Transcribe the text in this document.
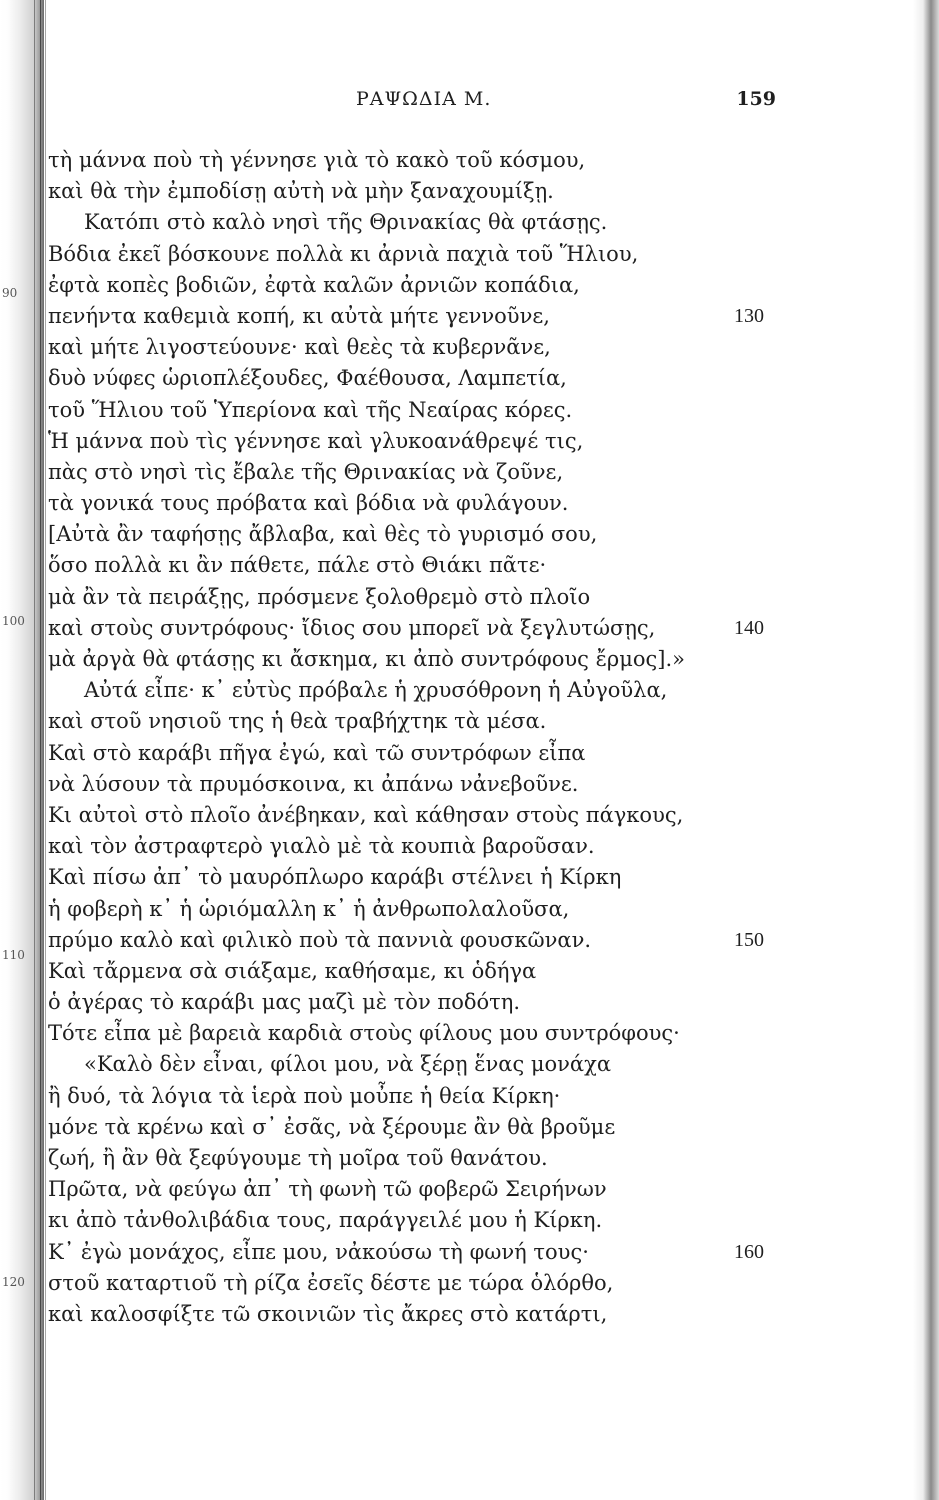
90
100
110
120
ΡΑΨΩΔΙΑ Μ.	159
τὴ μάννα ποὺ τὴ γέννησε γιὰ τὸ κακὸ τοῦ κόσμου,
καὶ θὰ τὴν ἐμποδίσῃ αὐτὴ νὰ μὴν ξαναχουμίξῃ.
Κατόπι στὸ καλὸ νησὶ τῆς Θρινακίας θὰ φτάσῃς.
Βόδια ἐκεῖ βόσκουνε πολλὰ κι ἀρνιὰ παχιὰ τοῦ Ἥλιου,
ἐφτὰ κοπὲς βοδιῶν, ἐφτὰ καλῶν ἀρνιῶν κοπάδια,
πενήντα καθεμιὰ κοπή, κι αὐτὰ μήτε γεννοῦνε,	130
καὶ μήτε λιγοστεύουνε· καὶ θεὲς τὰ κυβερνᾶνε,
δυὸ νύφες ὡριοπλέξουδες, Φαέθουσα, Λαμπετία,
τοῦ Ἥλιου τοῦ Ὑπερίονα καὶ τῆς Νεαίρας κόρες.
Ἡ μάννα ποὺ τὶς γέννησε καὶ γλυκοανάθρεψέ τις,
πὰς στὸ νησὶ τὶς ἔβαλε τῆς Θρινακίας νὰ ζοῦνε,
τὰ γονικά τους πρόβατα καὶ βόδια νὰ φυλάγουν.
[Αὐτὰ ἂν ταφήσῃς ἄβλαβα, καὶ θὲς τὸ γυρισμό σου,
ὅσο πολλὰ κι ἂν πάθετε, πάλε στὸ Θιάκι πᾶτε·
μὰ ἂν τὰ πειράξῃς, πρόσμενε ξολοθρεμὸ στὸ πλοῖο
καὶ στοὺς συντρόφους· ἴδιος σου μπορεῖ νὰ ξεγλυτώσῃς,	140
μὰ ἀργὰ θὰ φτάσῃς κι ἄσκημα, κι ἀπὸ συντρόφους ἔρμος].»
Αὐτά εἶπε· κ᾽ εὐτὺς πρόβαλε ἡ χρυσόθρονη ἡ Αὐγοῦλα,
καὶ στοῦ νησιοῦ της ἡ θεὰ τραβήχτηκ τὰ μέσα.
Καὶ στὸ καράβι πῆγα ἐγώ, καὶ τῶ συντρόφων εἶπα
νὰ λύσουν τὰ πρυμόσκοινα, κι ἀπάνω νἀνεβοῦνε.
Κι αὐτοὶ στὸ πλοῖο ἀνέβηκαν, καὶ κάθησαν στοὺς πάγκους,
καὶ τὸν ἀστραφτερὸ γιαλὸ μὲ τὰ κουπιὰ βαροῦσαν.
Καὶ πίσω ἀπ᾽ τὸ μαυρόπλωρο καράβι στέλνει ἡ Κίρκη
ἡ φοβερὴ κ᾽ ἡ ὡριόμαλλη κ᾽ ἡ ἀνθρωπολαλοῦσα,
πρύμο καλὸ καὶ φιλικὸ ποὺ τὰ παννιὰ φουσκῶναν.	150
Καὶ τἄρμενα σὰ σιάξαμε, καθήσαμε, κι ὁδήγα
ὁ ἀγέρας τὸ καράβι μας μαζὶ μὲ τὸν ποδότη.
Τότε εἶπα μὲ βαρειὰ καρδιὰ στοὺς φίλους μου συντρόφους·
«Καλὸ δὲν εἶναι, φίλοι μου, νὰ ξέρῃ ἕνας μονάχα
ἢ δυό, τὰ λόγια τὰ ἱερὰ ποὺ μοὖπε ἡ θεία Κίρκη·
μόνε τὰ κρένω καὶ σ᾽ ἐσᾶς, νὰ ξέρουμε ἂν θὰ βροῦμε
ζωή, ἢ ἂν θὰ ξεφύγουμε τὴ μοῖρα τοῦ θανάτου.
Πρῶτα, νὰ φεύγω ἀπ᾽ τὴ φωνὴ τῶ φοβερῶ Σειρήνων
κι ἀπὸ τἀνθολιβάδια τους, παράγγειλέ μου ἡ Κίρκη.
Κ᾽ ἐγὼ μονάχος, εἶπε μου, νἀκούσω τὴ φωνή τους·	160
στοῦ καταρτιοῦ τὴ ρίζα ἐσεῖς δέστε με τώρα ὁλόρθο,
καὶ καλοσφίξτε τῶ σκοινιῶν τὶς ἄκρες στὸ κατάρτι,
